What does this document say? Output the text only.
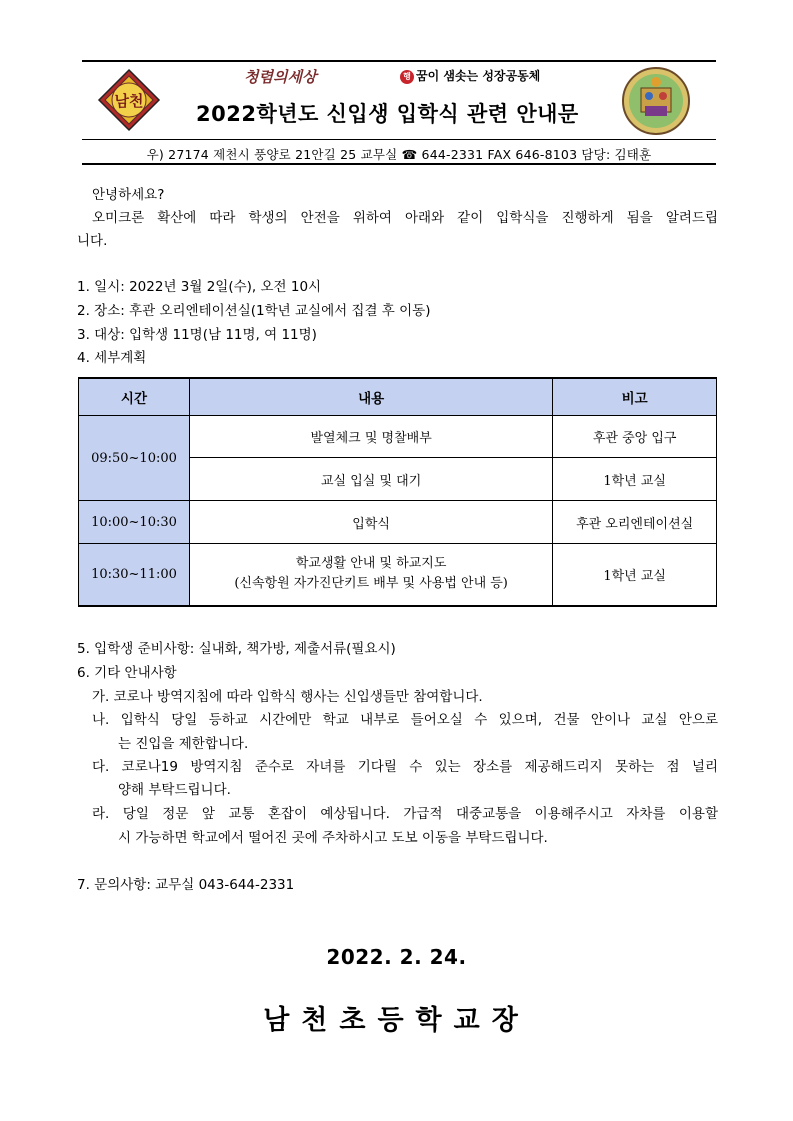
남천
청렴의세상	행 꿈이 샘솟는 성장공동체
2022학년도 신입생 입학식 관련 안내문
우) 27174 제천시 풍양로 21안길 25 교무실 ☎ 644-2331 FAX 646-8103 담당: 김태훈
안녕하세요?
오미크론 확산에 따라 학생의 안전을 위하여 아래와 같이 입학식을 진행하게 됨을 알려드립
니다.
1. 일시: 2022년 3월 2일(수), 오전 10시
2. 장소: 후관 오리엔테이션실(1학년 교실에서 집결 후 이동)
3. 대상: 입학생 11명(남 11명, 여 11명)
4. 세부계획
시간	내용	비고
09:50~10:00	발열체크 및 명찰배부	후관 중앙 입구
	교실 입실 및 대기	1학년 교실
10:00~10:30	입학식	후관 오리엔테이션실
10:30~11:00	학교생활 안내 및 하교지도
(신속항원 자가진단키트 배부 및 사용법 안내 등)	1학년 교실
5. 입학생 준비사항: 실내화, 책가방, 제출서류(필요시)
6. 기타 안내사항
가. 코로나 방역지침에 따라 입학식 행사는 신입생들만 참여합니다.
나. 입학식 당일 등하교 시간에만 학교 내부로 들어오실 수 있으며, 건물 안이나 교실 안으로
는 진입을 제한합니다.
다. 코로나19 방역지침 준수로 자녀를 기다릴 수 있는 장소를 제공해드리지 못하는 점 널리
양해 부탁드립니다.
라. 당일 정문 앞 교통 혼잡이 예상됩니다. 가급적 대중교통을 이용해주시고 자차를 이용할
시 가능하면 학교에서 떨어진 곳에 주차하시고 도보 이동을 부탁드립니다.
7. 문의사항: 교무실 043-644-2331
2022. 2. 24.
남천초등학교장
